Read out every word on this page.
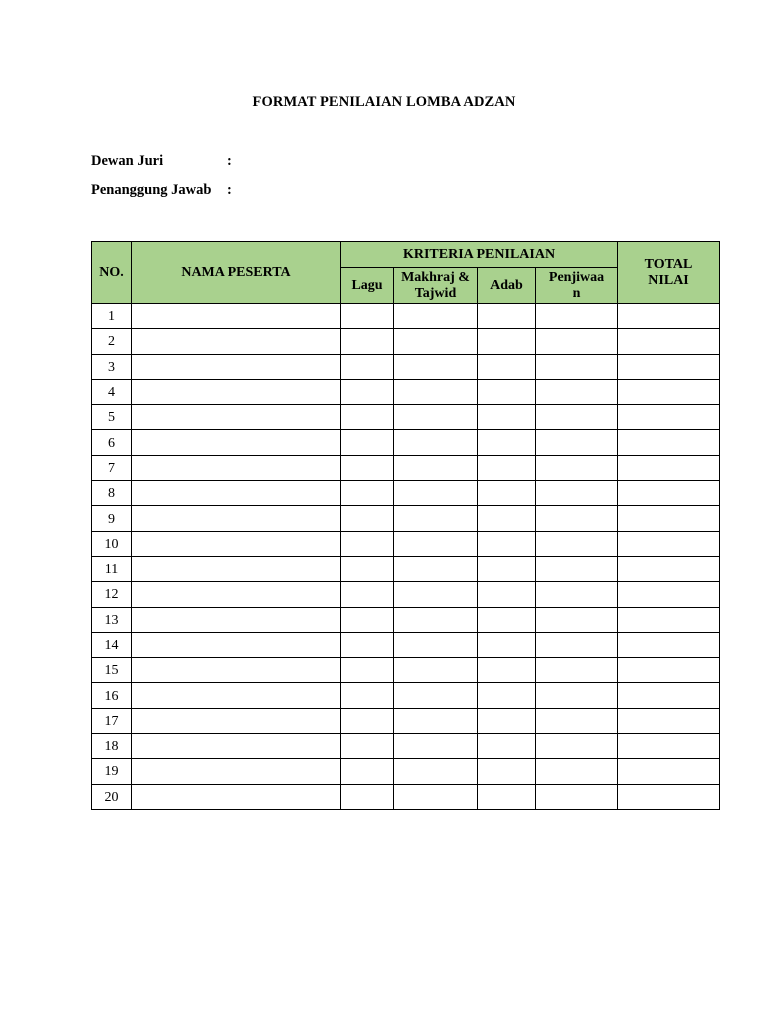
FORMAT PENILAIAN LOMBA ADZAN
Dewan Juri	:
Penanggung Jawab :
NO.	NAMA PESERTA	KRITERIA PENILAIAN				TOTAL NILAI
		Lagu	Makhraj & Tajwid	Adab	Penjiwaa
n	
1						
2						
3						
4						
5						
6						
7						
8						
9						
10						
11						
12						
13						
14						
15						
16						
17						
18						
19						
20						
